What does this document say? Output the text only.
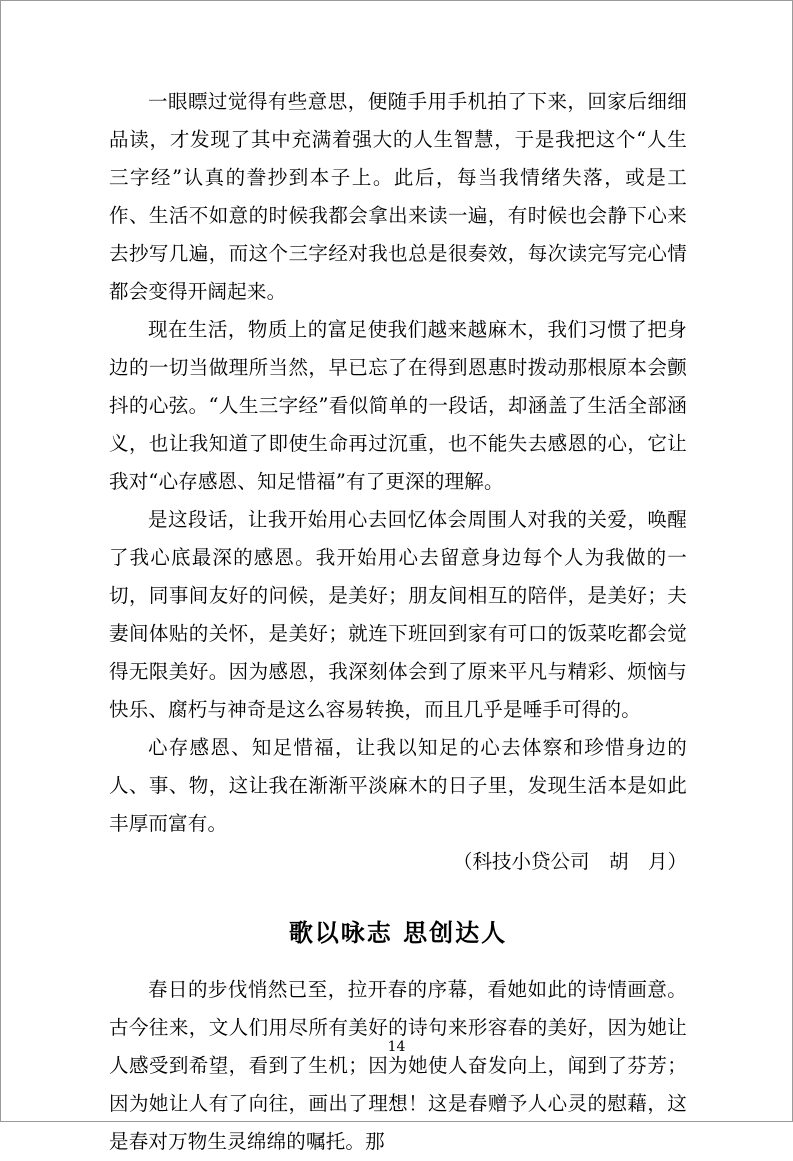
一眼瞟过觉得有些意思，便随手用手机拍了下来，回家后细细品读，才发现了其中充满着强大的人生智慧，于是我把这个“人生三字经”认真的誊抄到本子上。此后，每当我情绪失落，或是工作、生活不如意的时候我都会拿出来读一遍，有时候也会静下心来去抄写几遍，而这个三字经对我也总是很奏效，每次读完写完心情都会变得开阔起来。

现在生活，物质上的富足使我们越来越麻木，我们习惯了把身边的一切当做理所当然，早已忘了在得到恩惠时拨动那根原本会颤抖的心弦。“人生三字经”看似简单的一段话，却涵盖了生活全部涵义，也让我知道了即使生命再过沉重，也不能失去感恩的心，它让我对“心存感恩、知足惜福”有了更深的理解。

是这段话，让我开始用心去回忆体会周围人对我的关爱，唤醒了我心底最深的感恩。我开始用心去留意身边每个人为我做的一切，同事间友好的问候，是美好；朋友间相互的陪伴，是美好；夫妻间体贴的关怀，是美好；就连下班回到家有可口的饭菜吃都会觉得无限美好。因为感恩，我深刻体会到了原来平凡与精彩、烦恼与快乐、腐朽与神奇是这么容易转换，而且几乎是唾手可得的。

心存感恩、知足惜福，让我以知足的心去体察和珍惜身边的人、事、物，这让我在渐渐平淡麻木的日子里，发现生活本是如此丰厚而富有。

（科技小贷公司　胡　月）
歌以咏志 思创达人

春日的步伐悄然已至，拉开春的序幕，看她如此的诗情画意。古今往来，文人们用尽所有美好的诗句来形容春的美好，因为她让人感受到希望，看到了生机；因为她使人奋发向上，闻到了芬芳；因为她让人有了向往，画出了理想！这是春赠予人心灵的慰藉，这是春对万物生灵绵绵的嘱托。那

14
